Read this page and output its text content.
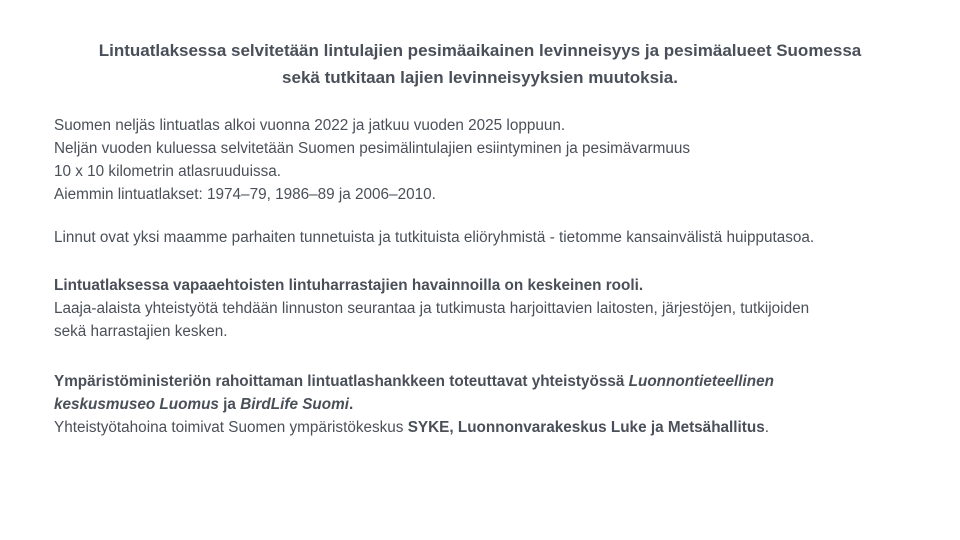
Lintuatlaksessa selvitetään lintulajien pesimäaikainen levinneisyys ja pesimäalueet Suomessa
sekä tutkitaan lajien levinneisyyksien muutoksia.
Suomen neljäs lintuatlas alkoi vuonna 2022 ja jatkuu vuoden 2025 loppuun.
Neljän vuoden kuluessa selvitetään Suomen pesimälintulajien esiintyminen ja pesimävarmuus
10 x 10 kilometrin atlasruuduissa.
Aiemmin lintuatlakset: 1974–79, 1986–89 ja 2006–2010.
Linnut ovat yksi maamme parhaiten tunnetuista ja tutkituista eliöryhmistä - tietomme kansainvälistä huipputasoa.
Lintuatlaksessa vapaaehtoisten lintuharrastajien havainnoilla on keskeinen rooli.
Laaja-alaista yhteistyötä tehdään linnuston seurantaa ja tutkimusta harjoittavien laitosten, järjestöjen, tutkijoiden
sekä harrastajien kesken.
Ympäristöministeriön rahoittaman lintuatlashankkeen toteuttavat yhteistyössä Luonnontieteellinen
keskusmuseo Luomus ja BirdLife Suomi.
Yhteistyötahoina toimivat Suomen ympäristökeskus SYKE, Luonnonvarakeskus Luke ja Metsähallitus.
